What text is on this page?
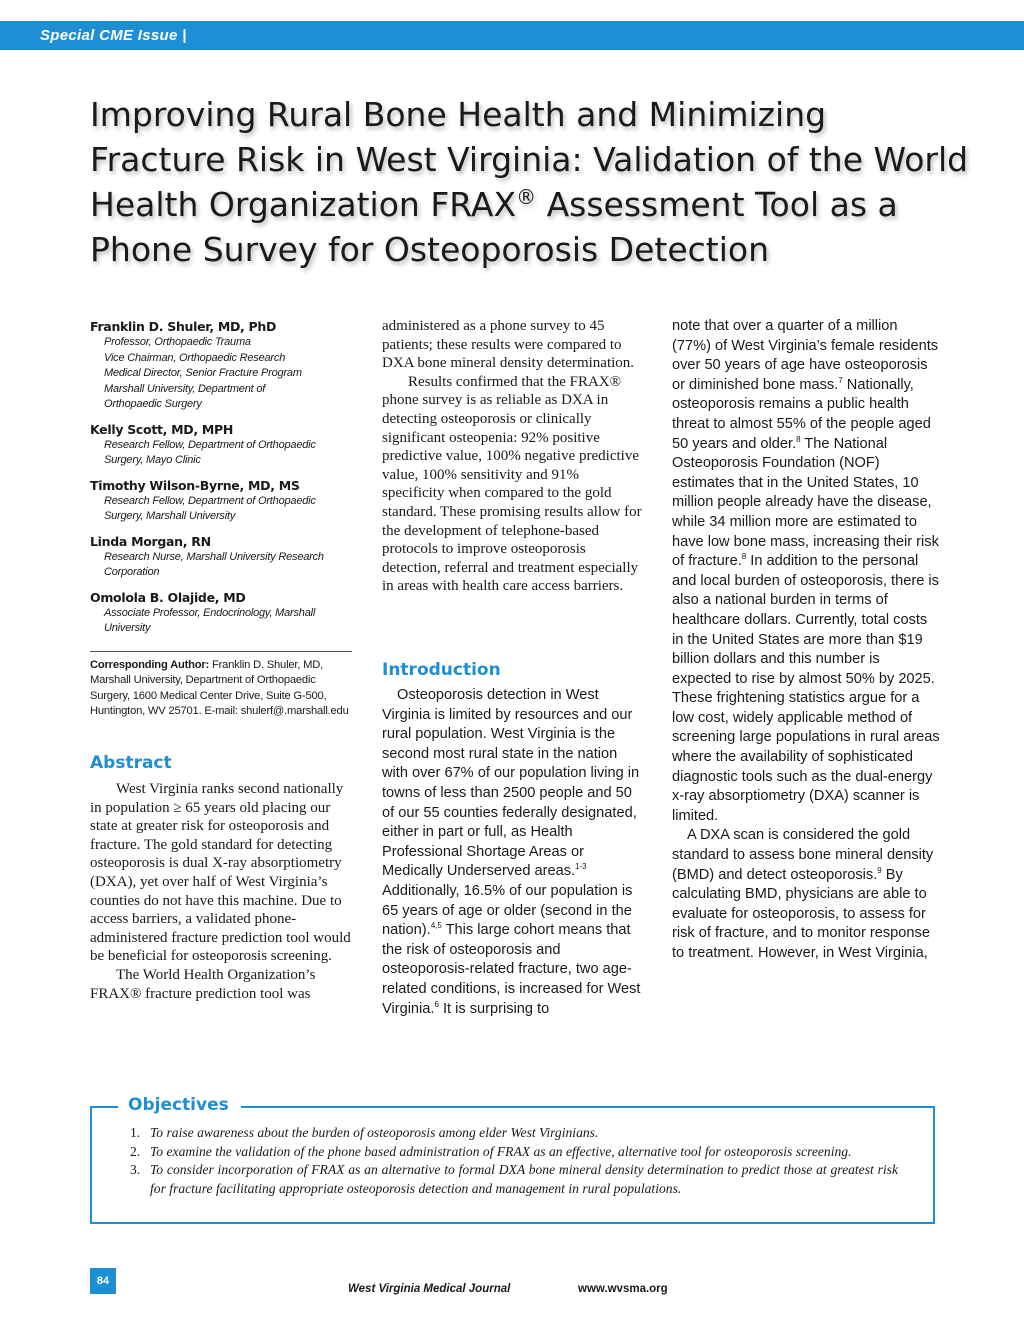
Special CME Issue |
Improving Rural Bone Health and Minimizing Fracture Risk in West Virginia: Validation of the World Health Organization FRAX® Assessment Tool as a Phone Survey for Osteoporosis Detection
Franklin D. Shuler, MD, PhD
Professor, Orthopaedic Trauma
Vice Chairman, Orthopaedic Research
Medical Director, Senior Fracture Program
Marshall University, Department of
Orthopaedic Surgery
Kelly Scott, MD, MPH
Research Fellow, Department of Orthopaedic
Surgery, Mayo Clinic
Timothy Wilson-Byrne, MD, MS
Research Fellow, Department of Orthopaedic
Surgery, Marshall University
Linda Morgan, RN
Research Nurse, Marshall University Research
Corporation
Omolola B. Olajide, MD
Associate Professor, Endocrinology, Marshall
University
Corresponding Author: Franklin D. Shuler, MD, Marshall University, Department of Orthopaedic Surgery, 1600 Medical Center Drive, Suite G-500, Huntington, WV 25701. E-mail: shulerf@.marshall.edu
Abstract

West Virginia ranks second nationally in population ≥ 65 years old placing our state at greater risk for osteoporosis and fracture. The gold standard for detecting osteoporosis is dual X-ray absorptiometry (DXA), yet over half of West Virginia’s counties do not have this machine. Due to access barriers, a validated phone-administered fracture prediction tool would be beneficial for osteoporosis screening.

The World Health Organization’s FRAX® fracture prediction tool was

administered as a phone survey to 45 patients; these results were compared to DXA bone mineral density determination.

Results confirmed that the FRAX® phone survey is as reliable as DXA in detecting osteoporosis or clinically significant osteopenia: 92% positive predictive value, 100% negative predictive value, 100% sensitivity and 91% specificity when compared to the gold standard. These promising results allow for the development of telephone-based protocols to improve osteoporosis detection, referral and treatment especially in areas with health care access barriers.

Introduction

Osteoporosis detection in West Virginia is limited by resources and our rural population. West Virginia is the second most rural state in the nation with over 67% of our population living in towns of less than 2500 people and 50 of our 55 counties federally designated, either in part or full, as Health Professional Shortage Areas or Medically Underserved areas.$^{1-3}$ Additionally, 16.5% of our population is 65 years of age or older (second in the nation).$^{4,5}$ This large cohort means that the risk of osteoporosis and osteoporosis-related fracture, two age-related conditions, is increased for West Virginia.$^6$ It is surprising to

note that over a quarter of a million (77%) of West Virginia’s female residents over 50 years of age have osteoporosis or diminished bone mass.$^7$ Nationally, osteoporosis remains a public health threat to almost 55% of the people aged 50 years and older.$^8$ The National Osteoporosis Foundation (NOF) estimates that in the United States, 10 million people already have the disease, while 34 million more are estimated to have low bone mass, increasing their risk of fracture.$^8$ In addition to the personal and local burden of osteoporosis, there is also a national burden in terms of healthcare dollars. Currently, total costs in the United States are more than $19 billion dollars and this number is expected to rise by almost 50% by 2025. These frightening statistics argue for a low cost, widely applicable method of screening large populations in rural areas where the availability of sophisticated diagnostic tools such as the dual-energy x-ray absorptiometry (DXA) scanner is limited.

A DXA scan is considered the gold standard to assess bone mineral density (BMD) and detect osteoporosis.$^9$ By calculating BMD, physicians are able to evaluate for osteoporosis, to assess for risk of fracture, and to monitor response to treatment. However, in West Virginia,

Objectives
1. To raise awareness about the burden of osteoporosis among elder West Virginians.
2. To examine the validation of the phone based administration of FRAX as an effective, alternative tool for osteoporosis screening.
3. To consider incorporation of FRAX as an alternative to formal DXA bone mineral density determination to predict those at greatest risk for fracture facilitating appropriate osteoporosis detection and management in rural populations.
84
West Virginia Medical Journal	www.wvsma.org
